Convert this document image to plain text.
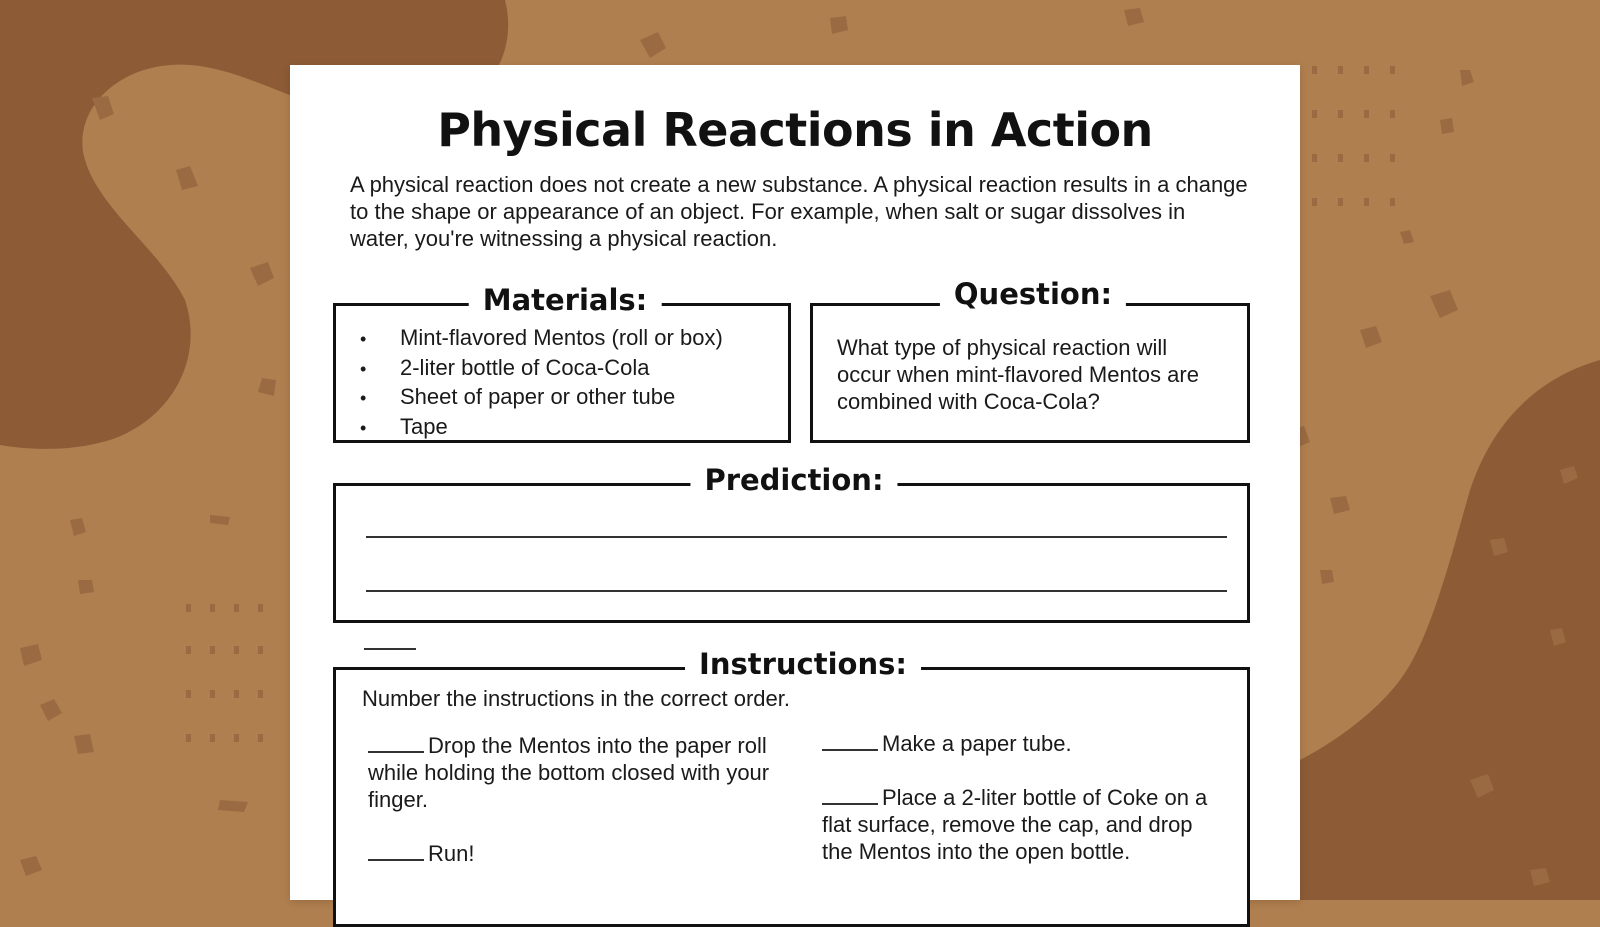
Physical Reactions in Action

A physical reaction does not create a new substance. A physical reaction results in a change to the shape or appearance of an object. For example, when salt or sugar dissolves in water, you're witnessing a physical reaction.

Materials:
• Mint-flavored Mentos (roll or box)
• 2-liter bottle of Coca-Cola
• Sheet of paper or other tube
• Tape
Question:

What type of physical reaction will occur when mint-flavored Mentos are combined with Coca-Cola?

Prediction:
Instructions:

Number the instructions in the correct order.

Drop the Mentos into the paper roll while holding the bottom closed with your finger.

Run!

Make a paper tube.

Place a 2-liter bottle of Coke on a flat surface, remove the cap, and drop the Mentos into the open bottle.
